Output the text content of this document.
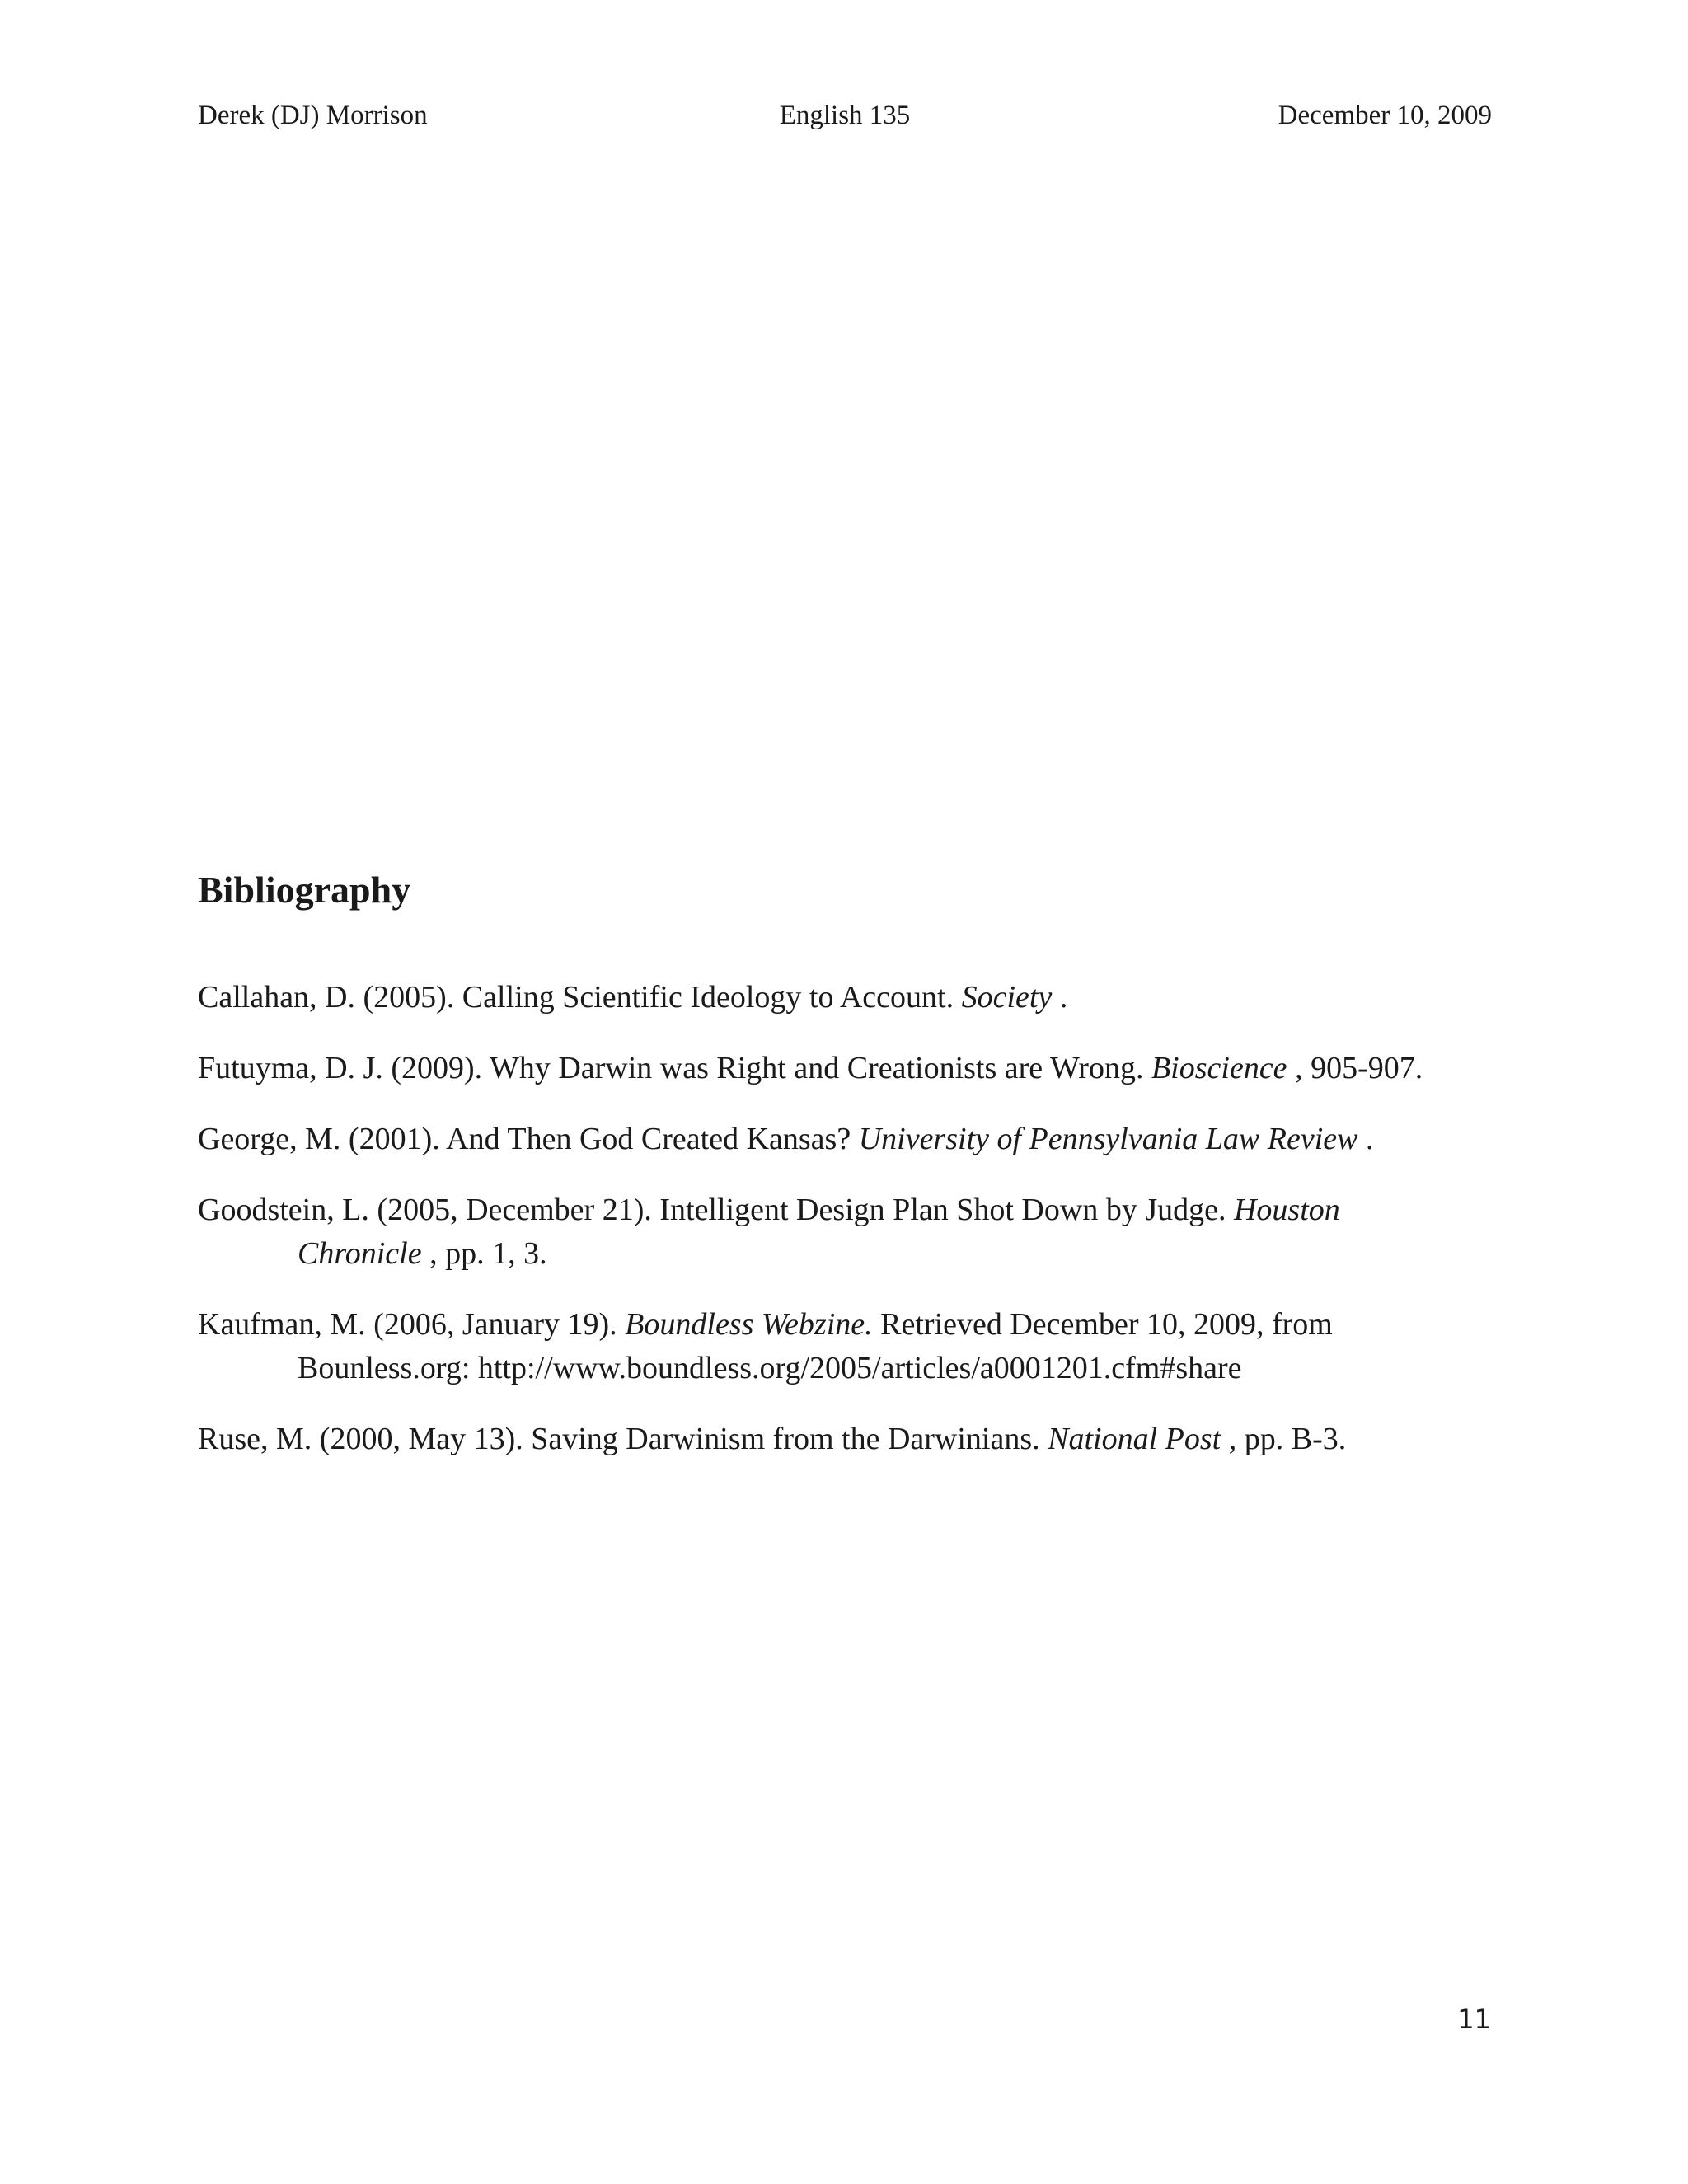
Derek (DJ) Morrison	English 135	December 10, 2009
Bibliography
Callahan, D. (2005). Calling Scientific Ideology to Account. Society .
Futuyma, D. J. (2009). Why Darwin was Right and Creationists are Wrong. Bioscience , 905-907.
George, M. (2001). And Then God Created Kansas? University of Pennsylvania Law Review .
Goodstein, L. (2005, December 21). Intelligent Design Plan Shot Down by Judge. Houston Chronicle , pp. 1, 3.
Kaufman, M. (2006, January 19). Boundless Webzine. Retrieved December 10, 2009, from Bounless.org: http://www.boundless.org/2005/articles/a0001201.cfm#share
Ruse, M. (2000, May 13). Saving Darwinism from the Darwinians. National Post , pp. B-3.
11
